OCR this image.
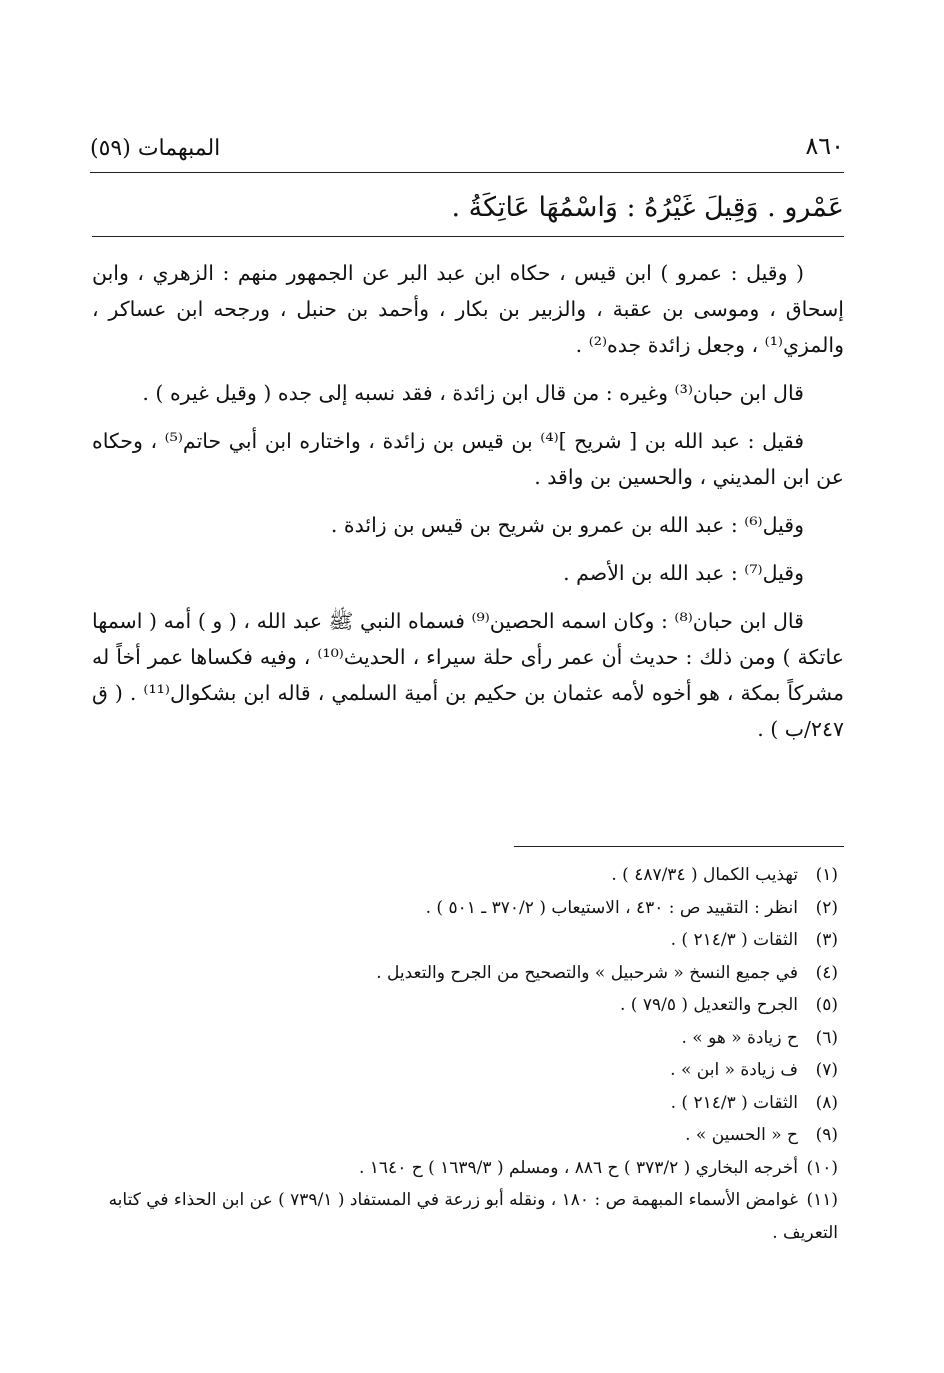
٨٦٠
(٥٩) المبهمات
عَمْرو . وَقِيلَ غَيْرُهُ : وَاسْمُهَا عَاتِكَةُ .

( وقيل : عمرو ) ابن قيس ، حكاه ابن عبد البر عن الجمهور منهم : الزهري ، وابن إسحاق ، وموسى بن عقبة ، والزبير بن بكار ، وأحمد بن حنبل ، ورجحه ابن عساكر ، والمزي⁽¹⁾ ، وجعل زائدة جده⁽²⁾ .

قال ابن حبان⁽³⁾ وغيره : من قال ابن زائدة ، فقد نسبه إلى جده ( وقيل غيره ) .

فقيل : عبد الله بن [ شريح ]⁽⁴⁾ بن قيس بن زائدة ، واختاره ابن أبي حاتم⁽⁵⁾ ، وحكاه عن ابن المديني ، والحسين بن واقد .

وقيل⁽⁶⁾ : عبد الله بن عمرو بن شريح بن قيس بن زائدة .

وقيل⁽⁷⁾ : عبد الله بن الأصم .

قال ابن حبان⁽⁸⁾ : وكان اسمه الحصين⁽⁹⁾ فسماه النبي ﷺ عبد الله ، ( و ) أمه ( اسمها عاتكة ) ومن ذلك : حديث أن عمر رأى حلة سيراء ، الحديث⁽¹⁰⁾ ، وفيه فكساها عمر أخاً له مشركاً بمكة ، هو أخوه لأمه عثمان بن حكيم بن أمية السلمي ، قاله ابن بشكوال⁽¹¹⁾ . ( ق ٢٤٧/ب ) .

(١)تهذيب الكمال ( ٤٨٧/٣٤ ) .
(٢)انظر : التقييد ص : ٤٣٠ ، الاستيعاب ( ٣٧٠/٢ ـ ٥٠١ ) .
(٣)الثقات ( ٢١٤/٣ ) .
(٤)في جميع النسخ « شرحبيل » والتصحيح من الجرح والتعديل .
(٥)الجرح والتعديل ( ٧٩/٥ ) .
(٦)ح زيادة « هو » .
(٧)ف زيادة « ابن » .
(٨)الثقات ( ٢١٤/٣ ) .
(٩)ح « الحسين » .
(١٠)أخرجه البخاري ( ٣٧٣/٢ ) ح ٨٨٦ ، ومسلم ( ١٦٣٩/٣ ) ح ١٦٤٠ .
(١١)غوامض الأسماء المبهمة ص : ١٨٠ ، ونقله أبو زرعة في المستفاد ( ٧٣٩/١ ) عن ابن الحذاء في كتابه التعريف .
